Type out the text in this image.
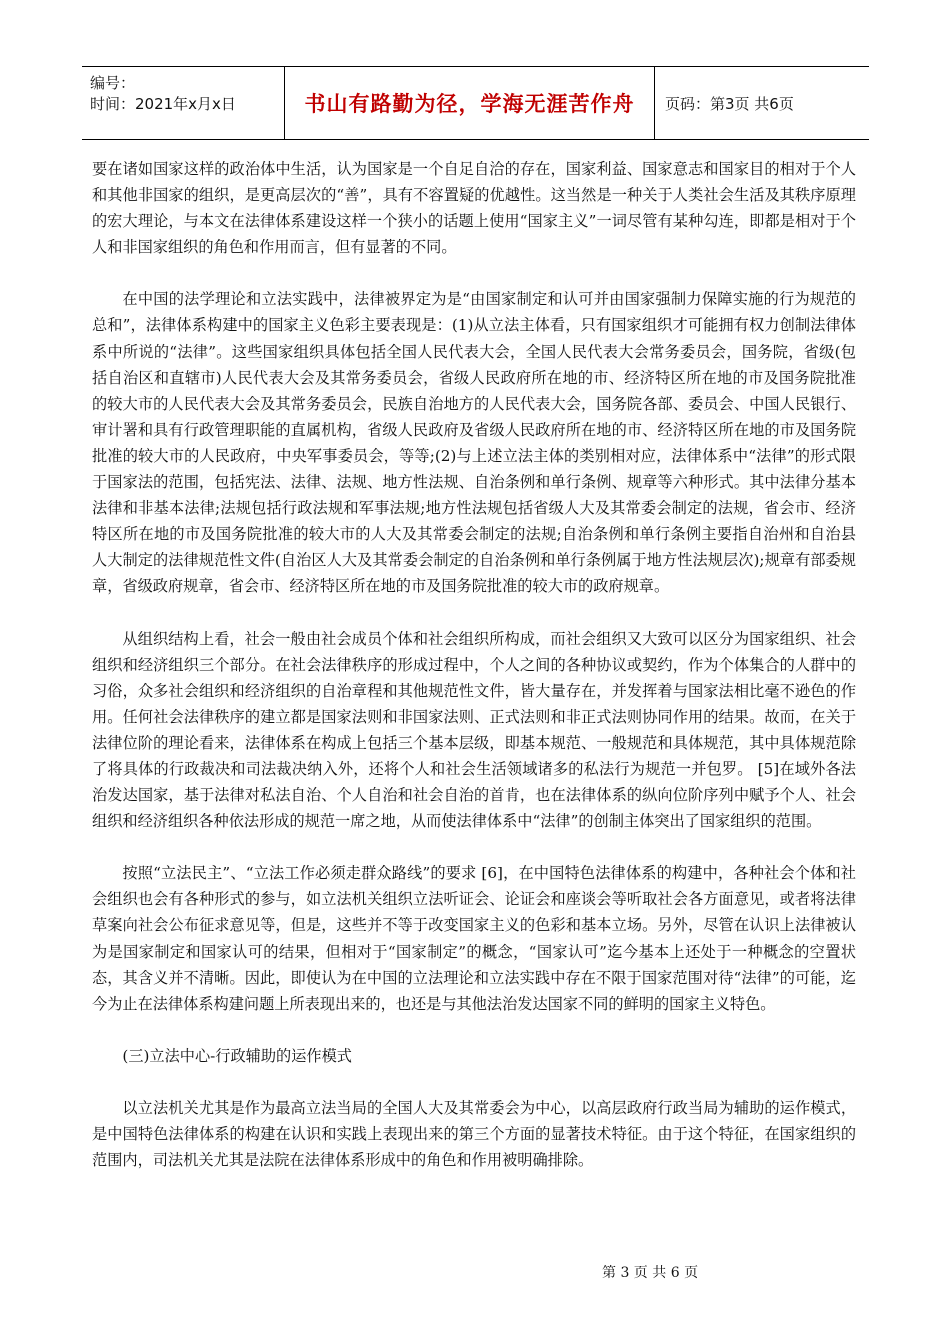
编号：
时间：2021年x月x日	书山有路勤为径，学海无涯苦作舟	页码：第3页 共6页

要在诸如国家这样的政治体中生活，认为国家是一个自足自洽的存在，国家利益、国家意志和国家目的相对于个人和其他非国家的组织，是更高层次的“善”，具有不容置疑的优越性。这当然是一种关于人类社会生活及其秩序原理的宏大理论，与本文在法律体系建设这样一个狭小的话题上使用“国家主义”一词尽管有某种勾连，即都是相对于个人和非国家组织的角色和作用而言，但有显著的不同。

在中国的法学理论和立法实践中，法律被界定为是“由国家制定和认可并由国家强制力保障实施的行为规范的总和”，法律体系构建中的国家主义色彩主要表现是：(1)从立法主体看，只有国家组织才可能拥有权力创制法律体系中所说的“法律”。这些国家组织具体包括全国人民代表大会，全国人民代表大会常务委员会，国务院，省级(包括自治区和直辖市)人民代表大会及其常务委员会，省级人民政府所在地的市、经济特区所在地的市及国务院批准的较大市的人民代表大会及其常务委员会，民族自治地方的人民代表大会，国务院各部、委员会、中国人民银行、审计署和具有行政管理职能的直属机构，省级人民政府及省级人民政府所在地的市、经济特区所在地的市及国务院批准的较大市的人民政府，中央军事委员会，等等;(2)与上述立法主体的类别相对应，法律体系中“法律”的形式限于国家法的范围，包括宪法、法律、法规、地方性法规、自治条例和单行条例、规章等六种形式。其中法律分基本法律和非基本法律;法规包括行政法规和军事法规;地方性法规包括省级人大及其常委会制定的法规，省会市、经济特区所在地的市及国务院批准的较大市的人大及其常委会制定的法规;自治条例和单行条例主要指自治州和自治县人大制定的法律规范性文件(自治区人大及其常委会制定的自治条例和单行条例属于地方性法规层次);规章有部委规章，省级政府规章，省会市、经济特区所在地的市及国务院批准的较大市的政府规章。

从组织结构上看，社会一般由社会成员个体和社会组织所构成，而社会组织又大致可以区分为国家组织、社会组织和经济组织三个部分。在社会法律秩序的形成过程中，个人之间的各种协议或契约，作为个体集合的人群中的习俗，众多社会组织和经济组织的自治章程和其他规范性文件，皆大量存在，并发挥着与国家法相比毫不逊色的作用。任何社会法律秩序的建立都是国家法则和非国家法则、正式法则和非正式法则协同作用的结果。故而，在关于法律位阶的理论看来，法律体系在构成上包括三个基本层级，即基本规范、一般规范和具体规范，其中具体规范除了将具体的行政裁决和司法裁决纳入外，还将个人和社会生活领域诸多的私法行为规范一并包罗。 [5]在域外各法治发达国家，基于法律对私法自治、个人自治和社会自治的首肯，也在法律体系的纵向位阶序列中赋予个人、社会组织和经济组织各种依法形成的规范一席之地，从而使法律体系中“法律”的创制主体突出了国家组织的范围。

按照“立法民主”、“立法工作必须走群众路线”的要求 [6]，在中国特色法律体系的构建中，各种社会个体和社会组织也会有各种形式的参与，如立法机关组织立法听证会、论证会和座谈会等听取社会各方面意见，或者将法律草案向社会公布征求意见等，但是，这些并不等于改变国家主义的色彩和基本立场。另外，尽管在认识上法律被认为是国家制定和国家认可的结果，但相对于“国家制定”的概念，“国家认可”迄今基本上还处于一种概念的空置状态，其含义并不清晰。因此，即使认为在中国的立法理论和立法实践中存在不限于国家范围对待“法律”的可能，迄今为止在法律体系构建问题上所表现出来的，也还是与其他法治发达国家不同的鲜明的国家主义特色。

(三)立法中心-行政辅助的运作模式

以立法机关尤其是作为最高立法当局的全国人大及其常委会为中心，以高层政府行政当局为辅助的运作模式，是中国特色法律体系的构建在认识和实践上表现出来的第三个方面的显著技术特征。由于这个特征，在国家组织的范围内，司法机关尤其是法院在法律体系形成中的角色和作用被明确排除。

第 3 页 共 6 页
